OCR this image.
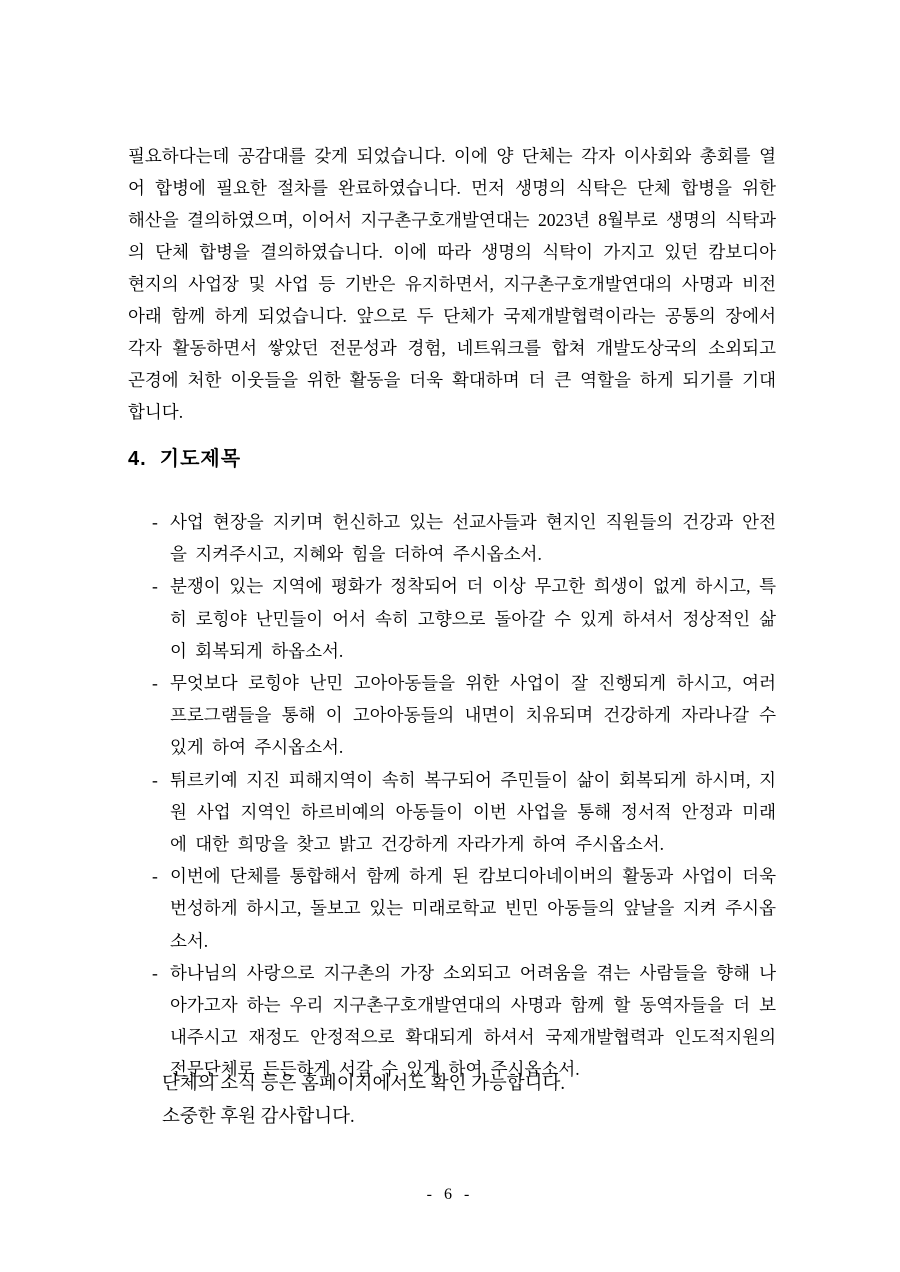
필요하다는데 공감대를 갖게 되었습니다. 이에 양 단체는 각자 이사회와 총회를 열어 합병에 필요한 절차를 완료하였습니다. 먼저 생명의 식탁은 단체 합병을 위한 해산을 결의하였으며, 이어서 지구촌구호개발연대는 2023년 8월부로 생명의 식탁과의 단체 합병을 결의하였습니다. 이에 따라 생명의 식탁이 가지고 있던 캄보디아 현지의 사업장 및 사업 등 기반은 유지하면서, 지구촌구호개발연대의 사명과 비전 아래 함께 하게 되었습니다. 앞으로 두 단체가 국제개발협력이라는 공통의 장에서 각자 활동하면서 쌓았던 전문성과 경험, 네트워크를 합쳐 개발도상국의 소외되고 곤경에 처한 이웃들을 위한 활동을 더욱 확대하며 더 큰 역할을 하게 되기를 기대합니다.
4.  기도제목
- 사업 현장을 지키며 헌신하고 있는 선교사들과 현지인 직원들의 건강과 안전을 지켜주시고, 지혜와 힘을 더하여 주시옵소서.
- 분쟁이 있는 지역에 평화가 정착되어 더 이상 무고한 희생이 없게 하시고, 특히 로힝야 난민들이 어서 속히 고향으로 돌아갈 수 있게 하셔서 정상적인 삶이 회복되게 하옵소서.
- 무엇보다 로힝야 난민 고아아동들을 위한 사업이 잘 진행되게 하시고, 여러 프로그램들을 통해 이 고아아동들의 내면이 치유되며 건강하게 자라나갈 수 있게 하여 주시옵소서.
- 튀르키예 지진 피해지역이 속히 복구되어 주민들이 삶이 회복되게 하시며, 지원 사업 지역인 하르비예의 아동들이 이번 사업을 통해 정서적 안정과 미래에 대한 희망을 찾고 밝고 건강하게 자라가게 하여 주시옵소서.
- 이번에 단체를 통합해서 함께 하게 된 캄보디아네이버의 활동과 사업이 더욱 번성하게 하시고, 돌보고 있는 미래로학교 빈민 아동들의 앞날을 지켜 주시옵소서.
- 하나님의 사랑으로 지구촌의 가장 소외되고 어려움을 겪는 사람들을 향해 나아가고자 하는 우리 지구촌구호개발연대의 사명과 함께 할 동역자들을 더 보내주시고 재정도 안정적으로 확대되게 하셔서 국제개발협력과 인도적지원의 전문단체로 든든하게 서갈 수 있게 하여 주시옵소서.
단체의 소식 등은 홈페이지에서도 확인 가능합니다.
소중한 후원 감사합니다.
- 6 -
